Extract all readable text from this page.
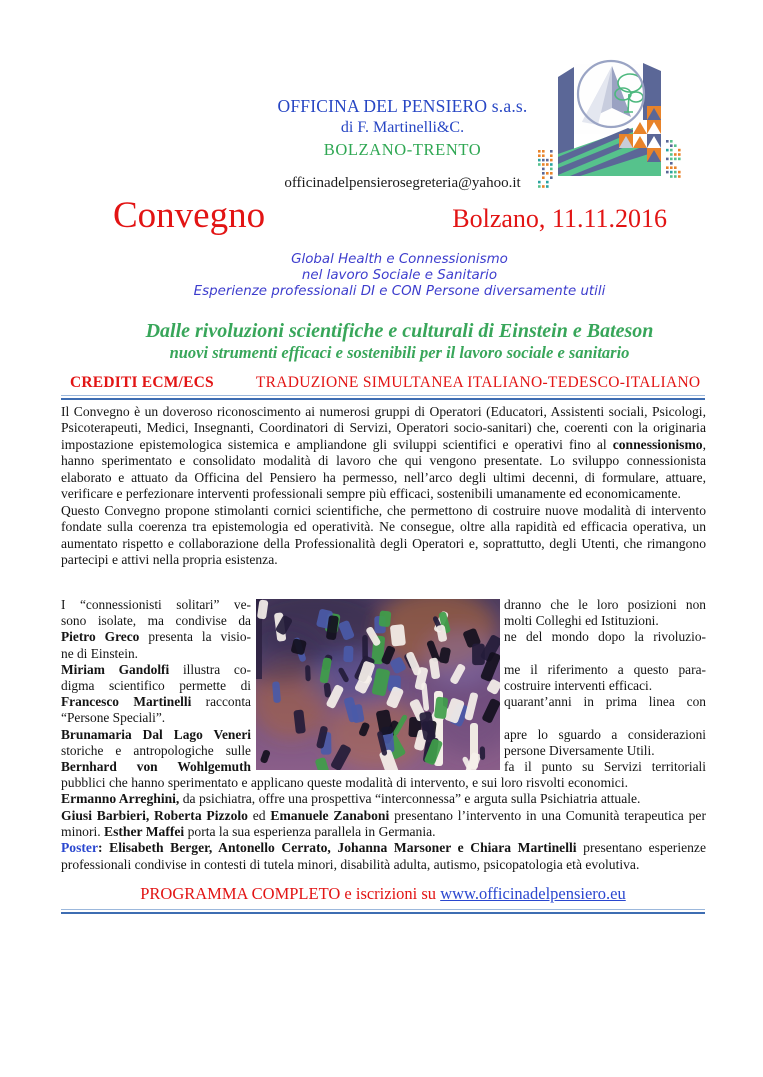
OFFICINA DEL PENSIERO s.a.s.
di F. Martinelli&C.
BOLZANO-TRENTO
officinadelpensierosegreteria@yahoo.it
Convegno	Bolzano, 11.11.2016
Global Health e Connessionismo
nel lavoro Sociale e Sanitario
Esperienze professionali DI e CON Persone diversamente utili
Dalle rivoluzioni scientifiche e culturali di Einstein e Bateson
nuovi strumenti efficaci e sostenibili per il lavoro sociale e sanitario
CREDITI ECM/ECS	TRADUZIONE SIMULTANEA ITALIANO-TEDESCO-ITALIANO
Il Convegno è un doveroso riconoscimento ai numerosi gruppi di Operatori (Educatori, Assistenti sociali, Psicologi, Psicoterapeuti, Medici, Insegnanti, Coordinatori di Servizi, Operatori socio-sanitari) che, coerenti con la originaria impostazione epistemologica sistemica e ampliandone gli sviluppi scientifici e operativi fino al connessionismo, hanno sperimentato e consolidato modalità di lavoro che qui vengono presentate. Lo sviluppo connessionista elaborato e attuato da Officina del Pensiero ha permesso, nell’arco degli ultimi decenni, di formulare, attuare, verificare e perfezionare interventi professionali sempre più efficaci, sostenibili umanamente ed economicamente.
Questo Convegno propone stimolanti cornici scientifiche, che permettono di costruire nuove modalità di intervento fondate sulla coerenza tra epistemologia ed operatività. Ne consegue, oltre alla rapidità ed efficacia operativa, un aumentato rispetto e collaborazione della Professionalità degli Operatori e, soprattutto, degli Utenti, che rimangono partecipi e attivi nella propria esistenza.
I “connessionisti solitari” ve-
sono isolate, ma condivise da
Pietro Greco presenta la visio-
ne di Einstein.
Miriam Gandolfi illustra co-
digma scientifico permette di
Francesco Martinelli racconta
“Persone Speciali”.
Brunamaria Dal Lago Veneri
storiche e antropologiche sulle
Bernhard von Wohlgemuth
dranno che le loro posizioni non
molti Colleghi ed Istituzioni.
ne del mondo dopo la rivoluzio-

me il riferimento a questo para-
costruire interventi efficaci.
quarant’anni in prima linea con

apre lo sguardo a considerazioni
persone Diversamente Utili.
fa il punto su Servizi territoriali
pubblici che hanno sperimentato e applicano queste modalità di intervento, e sui loro risvolti economici.
Ermanno Arreghini, da psichiatra, offre una prospettiva “interconnessa” e arguta sulla Psichiatria attuale.
Giusi Barbieri, Roberta Pizzolo ed Emanuele Zanaboni presentano l’intervento in una Comunità terapeutica per minori. Esther Maffei porta la sua esperienza parallela in Germania.
Poster: Elisabeth Berger, Antonello Cerrato, Johanna Marsoner e Chiara Martinelli presentano esperienze professionali condivise in contesti di tutela minori, disabilità adulta, autismo, psicopatologia età evolutiva.
PROGRAMMA COMPLETO e iscrizioni su www.officinadelpensiero.eu
